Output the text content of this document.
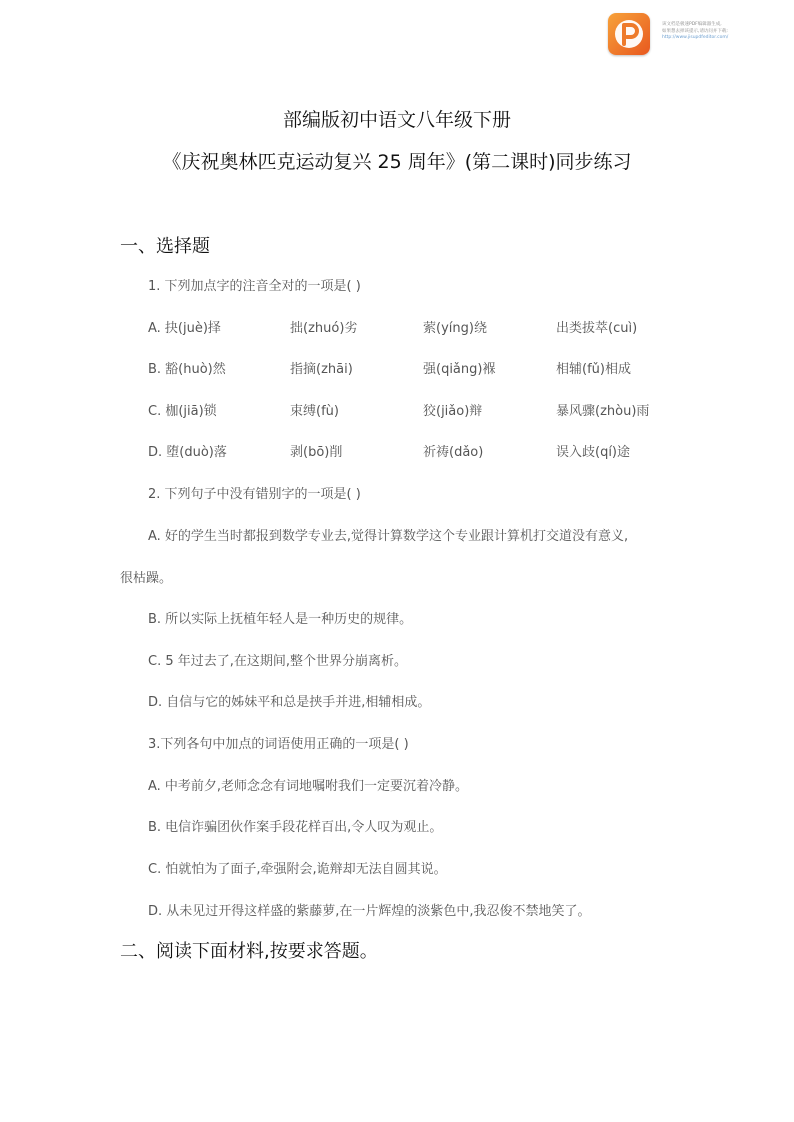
该文档是极速PDF编辑器生成,
如果想去掉该提示,请访问并下载:
http://www.jisupdfeditor.com/
部编版初中语文八年级下册
《庆祝奥林匹克运动复兴 25 周年》(第二课时)同步练习
一、选择题
1. 下列加点字的注音全对的一项是( )
A. 抉(juè)择	拙(zhuó)劣	萦(yíng)绕	出类拔萃(cuì)
B. 豁(huò)然	指摘(zhāi)	强(qiǎng)褓	相辅(fǔ)相成
C. 枷(jiā)锁	束缚(fù)	狡(jiǎo)辩	暴风骤(zhòu)雨
D. 堕(duò)落	剥(bō)削	祈祷(dǎo)	误入歧(qí)途
2. 下列句子中没有错别字的一项是( )
A. 好的学生当时都报到数学专业去,觉得计算数学这个专业跟计算机打交道没有意义,
很枯躁。
B. 所以实际上抚植年轻人是一种历史的规律。
C. 5 年过去了,在这期间,整个世界分崩离析。
D. 自信与它的姊妹平和总是挟手并进,相辅相成。
3.下列各句中加点的词语使用正确的一项是( )
A. 中考前夕,老师念念有词地嘱咐我们一定要沉着冷静。
B. 电信诈骗团伙作案手段花样百出,令人叹为观止。
C. 怕就怕为了面子,牵强附会,诡辩却无法自圆其说。
D. 从未见过开得这样盛的紫藤萝,在一片辉煌的淡紫色中,我忍俊不禁地笑了。
二、阅读下面材料,按要求答题。
